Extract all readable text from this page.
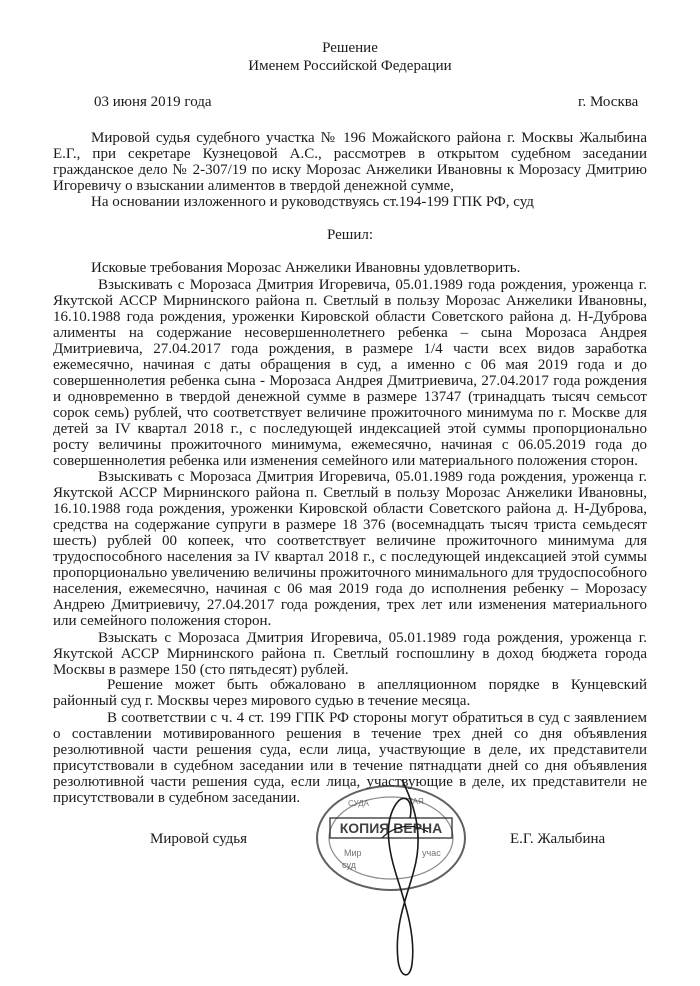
Решение

Именем Российской Федерации

03 июня 2019 года	г. Москва

Мировой судья судебного участка № 196 Можайского района г. Москвы Жалыбина Е.Г., при секретаре Кузнецовой А.С., рассмотрев в открытом судебном заседании гражданское дело № 2-307/19 по иску Морозас Анжелики Ивановны к Морозасу Дмитрию Игоревичу о взыскании алиментов в твердой денежной сумме,

На основании изложенного и руководствуясь ст.194-199 ГПК РФ, суд

Решил:

Исковые требования Морозас Анжелики Ивановны удовлетворить.

Взыскивать с Морозаса Дмитрия Игоревича, 05.01.1989 года рождения, уроженца г. Якутской АССР Мирнинского района п. Светлый в пользу Морозас Анжелики Ивановны, 16.10.1988 года рождения, уроженки Кировской области Советского района д. Н-Дуброва алименты на содержание несовершеннолетнего ребенка – сына Морозаса Андрея Дмитриевича, 27.04.2017 года рождения, в размере 1/4 части всех видов заработка ежемесячно, начиная с даты обращения в суд, а именно с 06 мая 2019 года и до совершеннолетия ребенка сына - Морозаса Андрея Дмитриевича, 27.04.2017 года рождения и одновременно в твердой денежной сумме в размере 13747 (тринадцать тысяч семьсот сорок семь) рублей, что соответствует величине прожиточного минимума по г. Москве для детей за IV квартал 2018 г., с последующей индексацией этой суммы пропорционально росту величины прожиточного минимума, ежемесячно, начиная с 06.05.2019 года до совершеннолетия ребенка или изменения семейного или материального положения сторон.

Взыскивать с Морозаса Дмитрия Игоревича, 05.01.1989 года рождения, уроженца г. Якутской АССР Мирнинского района п. Светлый в пользу Морозас Анжелики Ивановны, 16.10.1988 года рождения, уроженки Кировской области Советского района д. Н-Дуброва, средства на содержание супруги в размере 18 376 (восемнадцать тысяч триста семьдесят шесть) рублей 00 копеек, что соответствует величине прожиточного минимума для трудоспособного населения за IV квартал 2018 г., с последующей индексацией этой суммы пропорционально увеличению величины прожиточного минимального для трудоспособного населения, ежемесячно, начиная с 06 мая 2019 года до исполнения ребенку – Морозасу Андрею Дмитриевичу, 27.04.2017 года рождения, трех лет или изменения материального или семейного положения сторон.

Взыскать с Морозаса Дмитрия Игоревича, 05.01.1989 года рождения, уроженца г. Якутской АССР Мирнинского района п. Светлый госпошлину в доход бюджета города Москвы в размере 150 (сто пятьдесят) рублей.

Решение может быть обжаловано в апелляционном порядке в Кунцевский районный суд г. Москвы через мирового судью в течение месяца.

В соответствии с ч. 4 ст. 199 ГПК РФ стороны могут обратиться в суд с заявлением о составлении мотивированного решения в течение трех дней со дня объявления резолютивной части решения суда, если лица, участвующие в деле, их представители присутствовали в судебном заседании или в течение пятнадцати дней со дня объявления резолютивной части решения суда, если лица, участвующие в деле, их представители не присутствовали в судебном заседании.

Мировой судья	Е.Г. Жалыбина

КОПИЯ ВЕРНА
Мир
суд
учас
СУДА	ТАЯ
